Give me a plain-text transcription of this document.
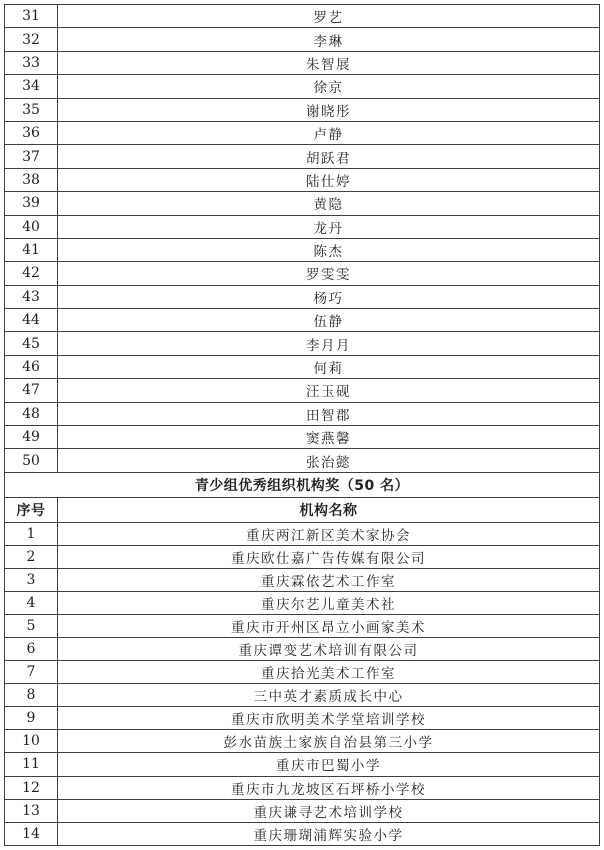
31	罗艺
32	李琳
33	朱智展
34	徐京
35	谢晓彤
36	卢静
37	胡跃君
38	陆仕婷
39	黄隐
40	龙丹
41	陈杰
42	罗雯雯
43	杨巧
44	伍静
45	李月月
46	何莉
47	汪玉砚
48	田智郡
49	窦燕馨
50	张治懿
青少组优秀组织机构奖（50 名）	
序号	机构名称
1	重庆两江新区美术家协会
2	重庆欧仕嘉广告传媒有限公司
3	重庆霖依艺术工作室
4	重庆尔艺儿童美术社
5	重庆市开州区昂立小画家美术
6	重庆谭变艺术培训有限公司
7	重庆拾光美术工作室
8	三中英才素质成长中心
9	重庆市欣明美术学堂培训学校
10	彭水苗族土家族自治县第三小学
11	重庆市巴蜀小学
12	重庆市九龙坡区石坪桥小学校
13	重庆谦寻艺术培训学校
14	重庆珊瑚浦辉实验小学
